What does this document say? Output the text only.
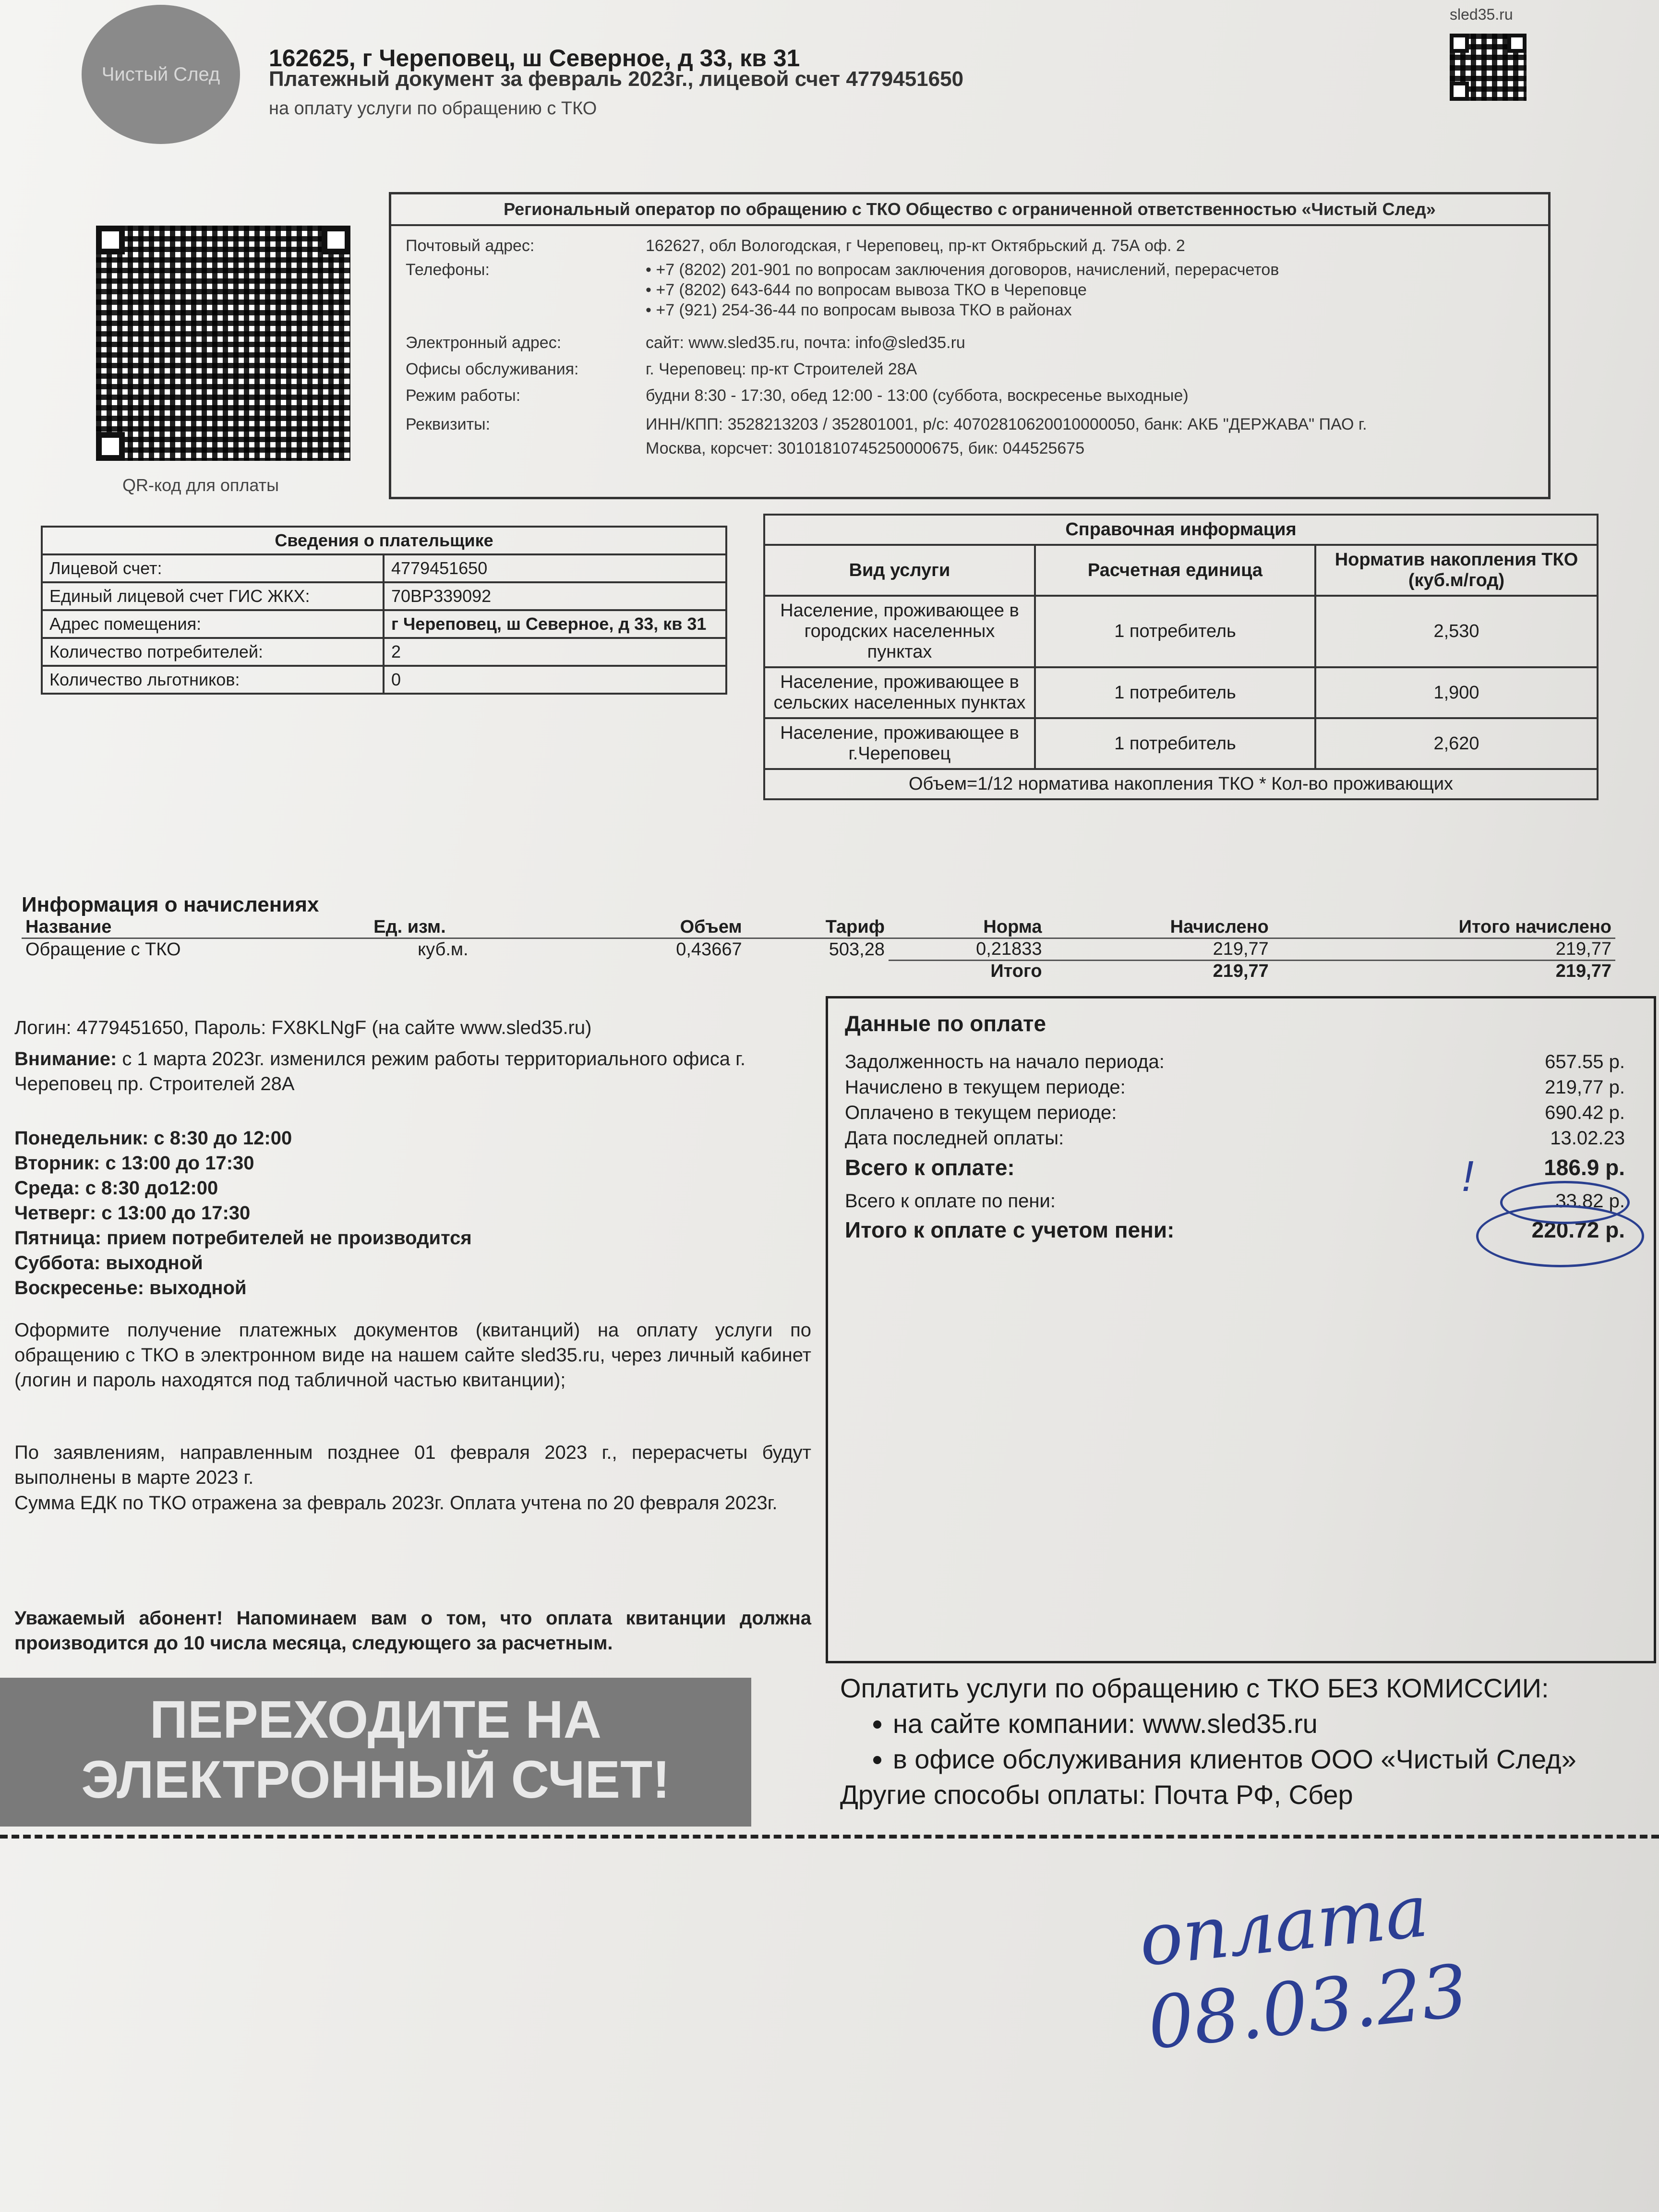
Чистый След
162625, г Череповец, ш Северное, д 33, кв 31
Платежный документ за февраль 2023г., лицевой счет 4779451650
на оплату услуги по обращению с ТКО
sled35.ru
QR-код для оплаты
Региональный оператор по обращению с ТКО Общество с ограниченной ответственностью «Чистый След»
Почтовый адрес:	162627, обл Вологодская, г Череповец, пр-кт Октябрьский д. 75А оф. 2
Телефоны:	• +7 (8202) 201-901 по вопросам заключения договоров, начислений, перерасчетов
• +7 (8202) 643-644 по вопросам вывоза ТКО в Череповце
• +7 (921) 254-36-44 по вопросам вывоза ТКО в районах
Электронный адрес:	сайт: www.sled35.ru, почта: info@sled35.ru
Офисы обслуживания:	г. Череповец: пр-кт Строителей 28А
Режим работы:	будни 8:30 - 17:30, обед 12:00 - 13:00 (суббота, воскресенье выходные)
Реквизиты:	ИНН/КПП: 3528213203 / 352801001, р/с: 40702810620010000050, банк: АКБ "ДЕРЖАВА" ПАО г.
Москва, корсчет: 30101810745250000675, бик: 044525675
Сведения о плательщике	
Лицевой счет:	4779451650
Единый лицевой счет ГИС ЖКХ:	70ВР339092
Адрес помещения:	г Череповец, ш Северное, д 33, кв 31
Количество потребителей:	2
Количество льготников:	0
Справочная информация		
Вид услуги	Расчетная единица	Норматив накопления ТКО (куб.м/год)
Население, проживающее в городских населенных пунктах	1 потребитель	2,530
Население, проживающее в сельских населенных пунктах	1 потребитель	1,900
Население, проживающее в г.Череповец	1 потребитель	2,620
Объем=1/12 норматива накопления ТКО * Кол-во проживающих		
Информация о начислениях
Название	Ед. изм.	Объем	Тариф	Норма	Начислено	Итого начислено
Обращение с ТКО	куб.м.	0,43667	503,28	0,21833	219,77	219,77
				Итого	219,77	219,77
Логин: 4779451650, Пароль: FX8KLNgF (на сайте www.sled35.ru)
Внимание: с 1 марта 2023г. изменился режим работы территориального офиса г. Череповец пр. Строителей 28А
Понедельник: с 8:30 до 12:00
Вторник: с 13:00 до 17:30
Среда: с 8:30 до12:00
Четверг: с 13:00 до 17:30
Пятница: прием потребителей не производится
Суббота: выходной
Воскресенье: выходной
Оформите получение платежных документов (квитанций) на оплату услуги по обращению с ТКО в электронном виде на нашем сайте sled35.ru, через личный кабинет (логин и пароль находятся под табличной частью квитанции);
По заявлениям, направленным позднее 01 февраля 2023 г., перерасчеты будут выполнены в марте 2023 г.
Сумма ЕДК по ТКО отражена за февраль 2023г. Оплата учтена по 20 февраля 2023г.
Уважаемый абонент! Напоминаем вам о том, что оплата квитанции должна производится до 10 числа месяца, следующего за расчетным.
Данные по оплате
Задолженность на начало периода:	657.55 р.
Начислено в текущем периоде:	219,77 р.
Оплачено в текущем периоде:	690.42 р.
Дата последней оплаты:	13.02.23
Всего к оплате:	186.9 р.
Всего к оплате по пени:	33.82 р.
Итого к оплате с учетом пени:	220.72 р.
!
ПЕРЕХОДИТЕ НА
ЭЛЕКТРОННЫЙ СЧЕТ!
Оплатить услуги по обращению с ТКО БЕЗ КОМИССИИ:
• на сайте компании: www.sled35.ru
• в офисе обслуживания клиентов ООО «Чистый След»
Другие способы оплаты: Почта РФ, Сбер
оплата 08.03.23
